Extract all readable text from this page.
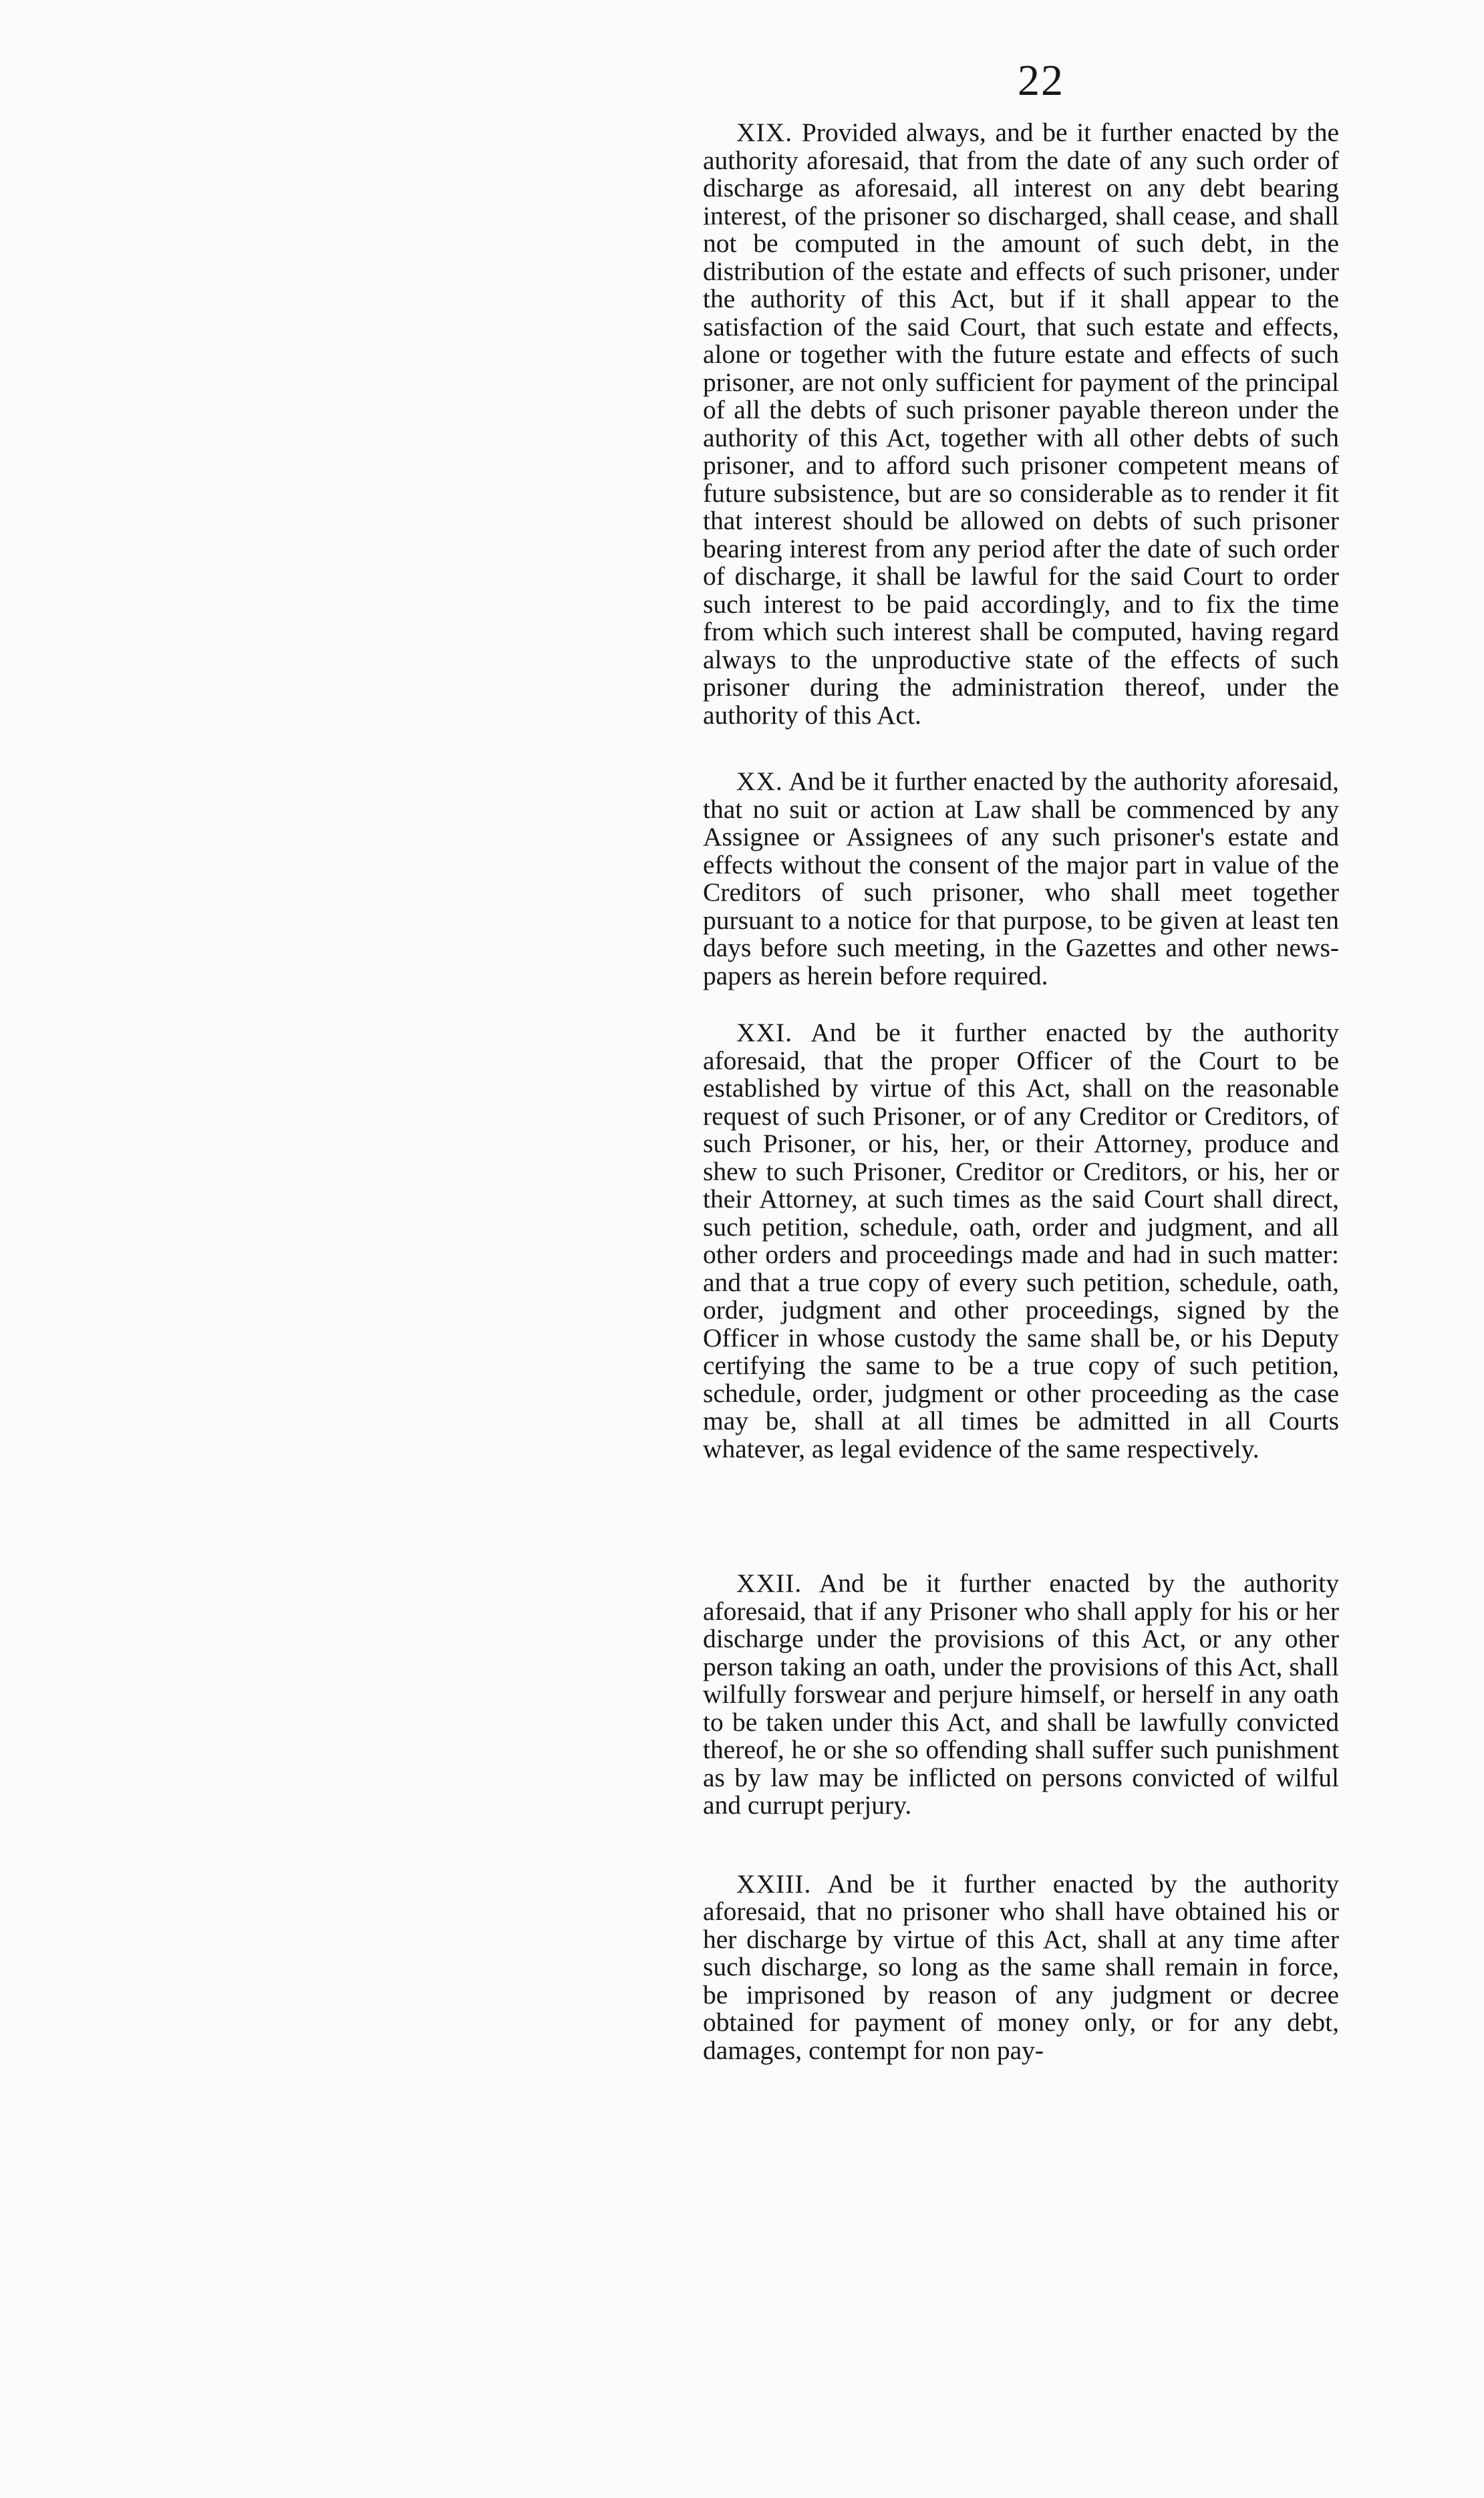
22

XIX. Provided always, and be it further enacted by the authority aforesaid, that from the date of any such order of discharge as aforesaid, all interest on any debt bearing interest, of the prisoner so discharged, shall cease, and shall not be computed in the amount of such debt, in the distribution of the estate and effects of such prisoner, under the authority of this Act, but if it shall appear to the satisfaction of the said Court, that such estate and effects, alone or together with the future estate and effects of such prisoner, are not only sufficient for payment of the principal of all the debts of such prisoner payable thereon under the authority of this Act, together with all other debts of such prisoner, and to afford such prisoner competent means of future subsistence, but are so considerable as to render it fit that interest should be allowed on debts of such prisoner bearing interest from any period after the date of such order of discharge, it shall be lawful for the said Court to order such interest to be paid accordingly, and to fix the time from which such interest shall be computed, having regard always to the unproductive state of the effects of such prisoner during the administration thereof, under the authority of this Act.

XX. And be it further enacted by the authority aforesaid, that no suit or action at Law shall be commenced by any Assignee or Assignees of any such prisoner's estate and effects without the consent of the major part in value of the Creditors of such prisoner, who shall meet together pursuant to a notice for that purpose, to be given at least ten days before such meeting, in the Gazettes and other news-papers as herein before required.

XXI. And be it further enacted by the authority aforesaid, that the proper Officer of the Court to be established by virtue of this Act, shall on the reasonable request of such Prisoner, or of any Creditor or Creditors, of such Prisoner, or his, her, or their Attorney, produce and shew to such Prisoner, Creditor or Creditors, or his, her or their Attorney, at such times as the said Court shall direct, such petition, schedule, oath, order and judgment, and all other orders and proceedings made and had in such matter: and that a true copy of every such petition, schedule, oath, order, judgment and other proceedings, signed by the Officer in whose custody the same shall be, or his Deputy certifying the same to be a true copy of such petition, schedule, order, judgment or other proceeding as the case may be, shall at all times be admitted in all Courts whatever, as legal evidence of the same respectively.

XXII. And be it further enacted by the authority aforesaid, that if any Prisoner who shall apply for his or her discharge under the provisions of this Act, or any other person taking an oath, under the provisions of this Act, shall wilfully forswear and perjure himself, or herself in any oath to be taken under this Act, and shall be lawfully convicted thereof, he or she so offending shall suffer such punishment as by law may be inflicted on persons convicted of wilful and currupt perjury.

XXIII. And be it further enacted by the authority aforesaid, that no prisoner who shall have obtained his or her discharge by virtue of this Act, shall at any time after such discharge, so long as the same shall remain in force, be imprisoned by reason of any judgment or decree obtained for payment of money only, or for any debt, damages, contempt for non pay-
